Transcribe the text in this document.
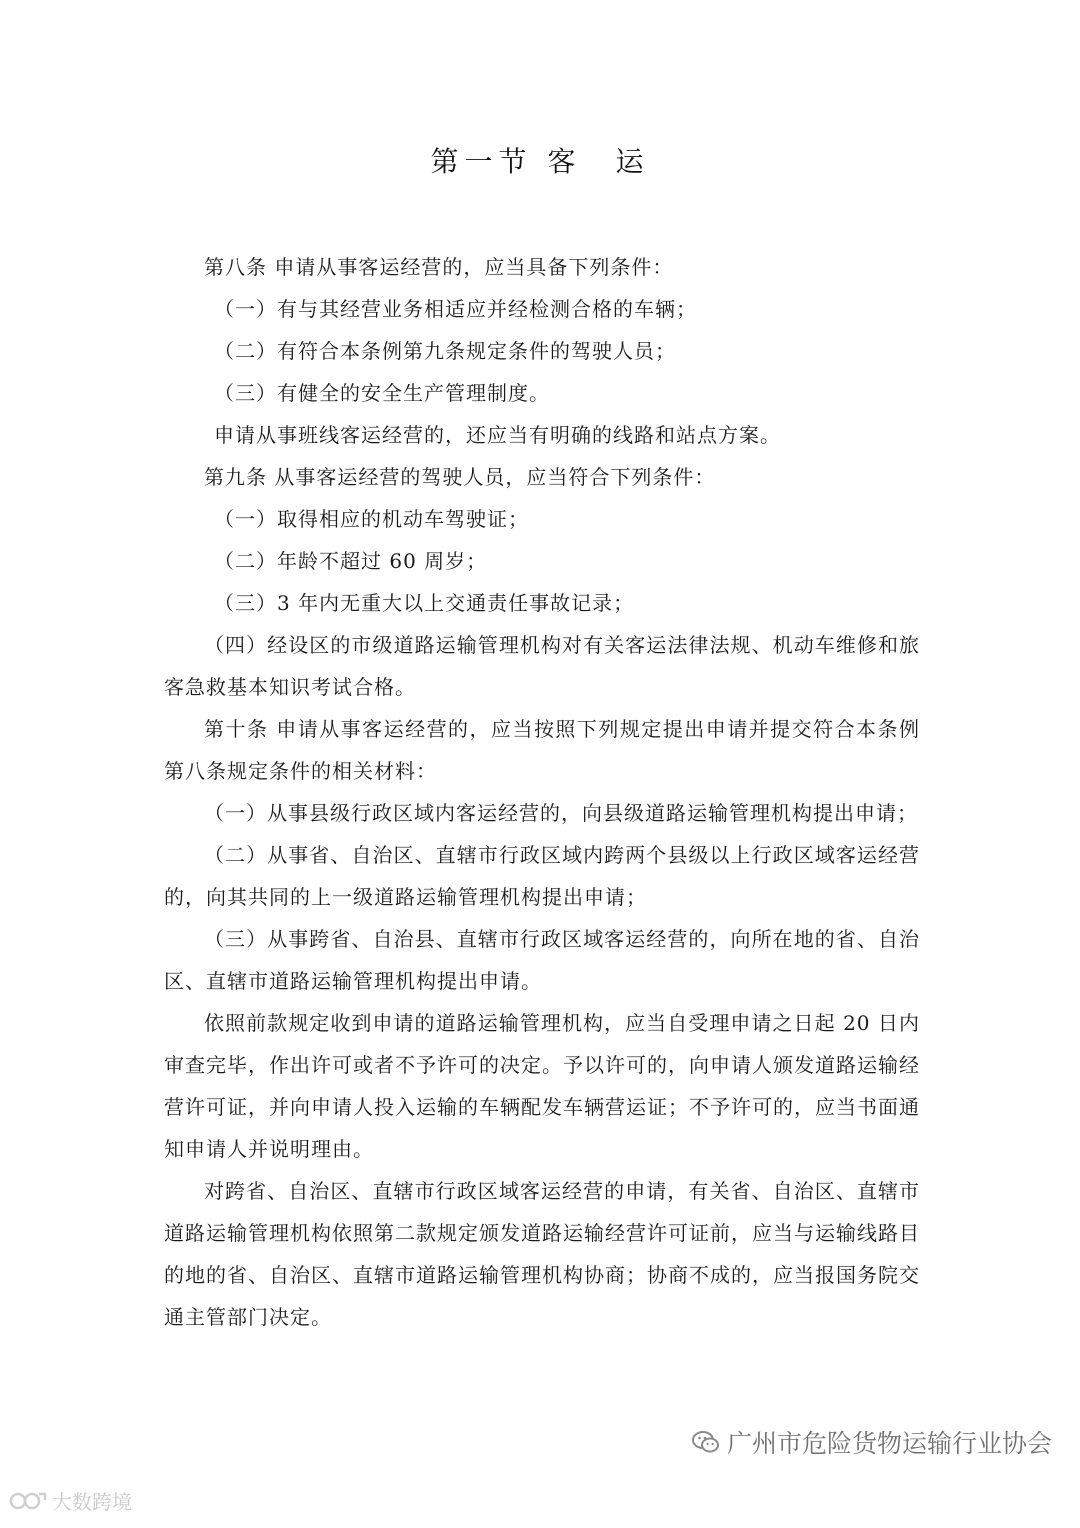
第一节 客　运

第八条 申请从事客运经营的，应当具备下列条件：

（一）有与其经营业务相适应并经检测合格的车辆；

（二）有符合本条例第九条规定条件的驾驶人员；

（三）有健全的安全生产管理制度。

申请从事班线客运经营的，还应当有明确的线路和站点方案。

第九条 从事客运经营的驾驶人员，应当符合下列条件：

（一）取得相应的机动车驾驶证；

（二）年龄不超过 60 周岁；

（三）3 年内无重大以上交通责任事故记录；

（四）经设区的市级道路运输管理机构对有关客运法律法规、机动车维修和旅客急救基本知识考试合格。

第十条 申请从事客运经营的，应当按照下列规定提出申请并提交符合本条例第八条规定条件的相关材料：

（一）从事县级行政区域内客运经营的，向县级道路运输管理机构提出申请；

（二）从事省、自治区、直辖市行政区域内跨两个县级以上行政区域客运经营的，向其共同的上一级道路运输管理机构提出申请；

（三）从事跨省、自治县、直辖市行政区域客运经营的，向所在地的省、自治区、直辖市道路运输管理机构提出申请。

依照前款规定收到申请的道路运输管理机构，应当自受理申请之日起 20 日内审查完毕，作出许可或者不予许可的决定。予以许可的，向申请人颁发道路运输经营许可证，并向申请人投入运输的车辆配发车辆营运证；不予许可的，应当书面通知申请人并说明理由。

对跨省、自治区、直辖市行政区域客运经营的申请，有关省、自治区、直辖市道路运输管理机构依照第二款规定颁发道路运输经营许可证前，应当与运输线路目的地的省、自治区、直辖市道路运输管理机构协商；协商不成的，应当报国务院交通主管部门决定。

广州市危险货物运输行业协会
大数跨境
